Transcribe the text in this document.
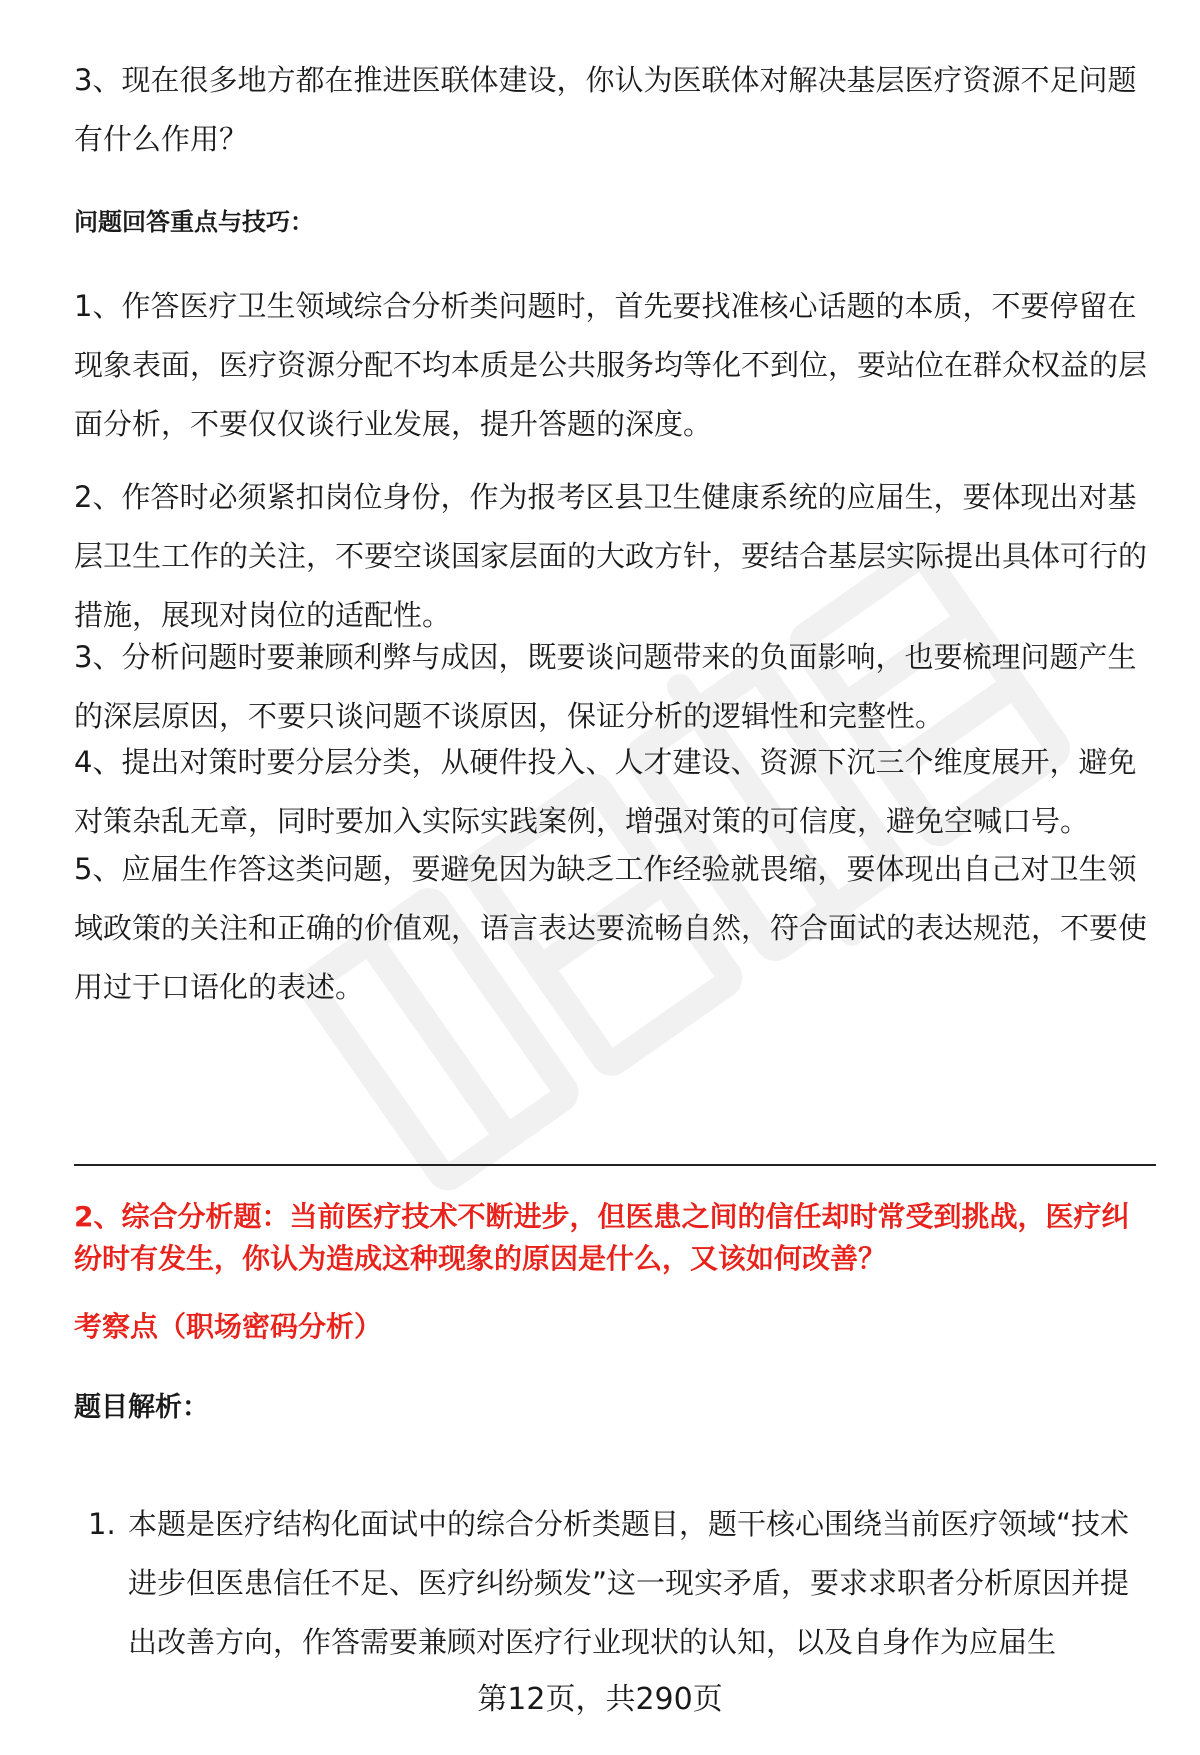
3、现在很多地方都在推进医联体建设，你认为医联体对解决基层医疗资源不足问题有什么作用？

问题回答重点与技巧：

1、作答医疗卫生领域综合分析类问题时，首先要找准核心话题的本质，不要停留在现象表面，医疗资源分配不均本质是公共服务均等化不到位，要站位在群众权益的层面分析，不要仅仅谈行业发展，提升答题的深度。

2、作答时必须紧扣岗位身份，作为报考区县卫生健康系统的应届生，要体现出对基层卫生工作的关注，不要空谈国家层面的大政方针，要结合基层实际提出具体可行的措施，展现对岗位的适配性。

3、分析问题时要兼顾利弊与成因，既要谈问题带来的负面影响，也要梳理问题产生的深层原因，不要只谈问题不谈原因，保证分析的逻辑性和完整性。

4、提出对策时要分层分类，从硬件投入、人才建设、资源下沉三个维度展开，避免对策杂乱无章，同时要加入实际实践案例，增强对策的可信度，避免空喊口号。

5、应届生作答这类问题，要避免因为缺乏工作经验就畏缩，要体现出自己对卫生领域政策的关注和正确的价值观，语言表达要流畅自然，符合面试的表达规范，不要使用过于口语化的表述。

2、综合分析题：当前医疗技术不断进步，但医患之间的信任却时常受到挑战，医疗纠纷时有发生，你认为造成这种现象的原因是什么，又该如何改善？

考察点（职场密码分析）

题目解析：

1. 本题是医疗结构化面试中的综合分析类题目，题干核心围绕当前医疗领域“技术进步但医患信任不足、医疗纠纷频发”这一现实矛盾，要求求职者分析原因并提出改善方向，作答需要兼顾对医疗行业现状的认知，以及自身作为应届生

第12页，共290页
